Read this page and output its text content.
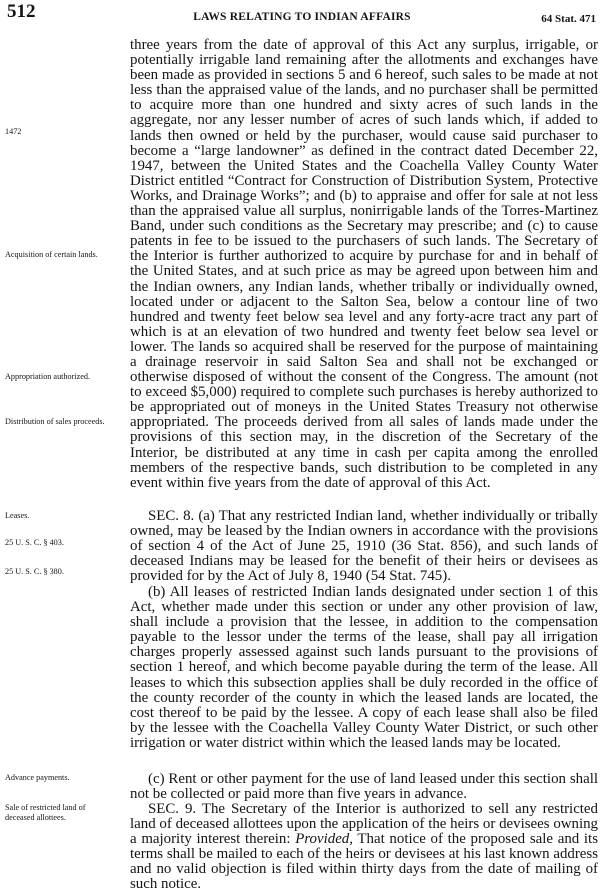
512	LAWS RELATING TO INDIAN AFFAIRS	64 Stat. 471
1472
Acquisition of certain lands.
Appropriation authorized.
Distribution of sales proceeds.
Leases.
25 U. S. C. § 403.
25 U. S. C. § 380.
Advance payments.
Sale of restricted land of deceased allottees.

three years from the date of approval of this Act any surplus, irrigable, or potentially irrigable land remaining after the allotments and exchanges have been made as provided in sections 5 and 6 hereof, such sales to be made at not less than the appraised value of the lands, and no purchaser shall be permitted to acquire more than one hundred and sixty acres of such lands in the aggregate, nor any lesser number of acres of such lands which, if added to lands then owned or held by the purchaser, would cause said purchaser to become a “large landowner” as defined in the contract dated December 22, 1947, between the United States and the Coachella Valley County Water District entitled “Contract for Construction of Distribution System, Protective Works, and Drainage Works”; and (b) to appraise and offer for sale at not less than the appraised value all surplus, nonirrigable lands of the Torres-Martinez Band, under such conditions as the Secretary may prescribe; and (c) to cause patents in fee to be issued to the purchasers of such lands. The Secretary of the Interior is further authorized to acquire by purchase for and in behalf of the United States, and at such price as may be agreed upon between him and the Indian owners, any Indian lands, whether tribally or individually owned, located under or adjacent to the Salton Sea, below a contour line of two hundred and twenty feet below sea level and any forty-acre tract any part of which is at an elevation of two hundred and twenty feet below sea level or lower. The lands so acquired shall be reserved for the purpose of maintaining a drainage reservoir in said Salton Sea and shall not be exchanged or otherwise disposed of without the consent of the Congress. The amount (not to exceed $5,000) required to complete such purchases is hereby authorized to be appropriated out of moneys in the United States Treasury not otherwise appropriated. The proceeds derived from all sales of lands made under the provisions of this section may, in the discretion of the Secretary of the Interior, be distributed at any time in cash per capita among the enrolled members of the respective bands, such distribution to be completed in any event within five years from the date of approval of this Act.

SEC. 8. (a) That any restricted Indian land, whether individually or tribally owned, may be leased by the Indian owners in accordance with the provisions of section 4 of the Act of June 25, 1910 (36 Stat. 856), and such lands of deceased Indians may be leased for the benefit of their heirs or devisees as provided for by the Act of July 8, 1940 (54 Stat. 745).

(b) All leases of restricted Indian lands designated under section 1 of this Act, whether made under this section or under any other provision of law, shall include a provision that the lessee, in addition to the compensation payable to the lessor under the terms of the lease, shall pay all irrigation charges properly assessed against such lands pursuant to the provisions of section 1 hereof, and which become payable during the term of the lease. All leases to which this subsection applies shall be duly recorded in the office of the county recorder of the county in which the leased lands are located, the cost thereof to be paid by the lessee. A copy of each lease shall also be filed by the lessee with the Coachella Valley County Water District, or such other irrigation or water district within which the leased lands may be located.

(c) Rent or other payment for the use of land leased under this section shall not be collected or paid more than five years in advance.

SEC. 9. The Secretary of the Interior is authorized to sell any restricted land of deceased allottees upon the application of the heirs or devisees owning a majority interest therein: Provided, That notice of the proposed sale and its terms shall be mailed to each of the heirs or devisees at his last known address and no valid objection is filed within thirty days from the date of mailing of such notice.
